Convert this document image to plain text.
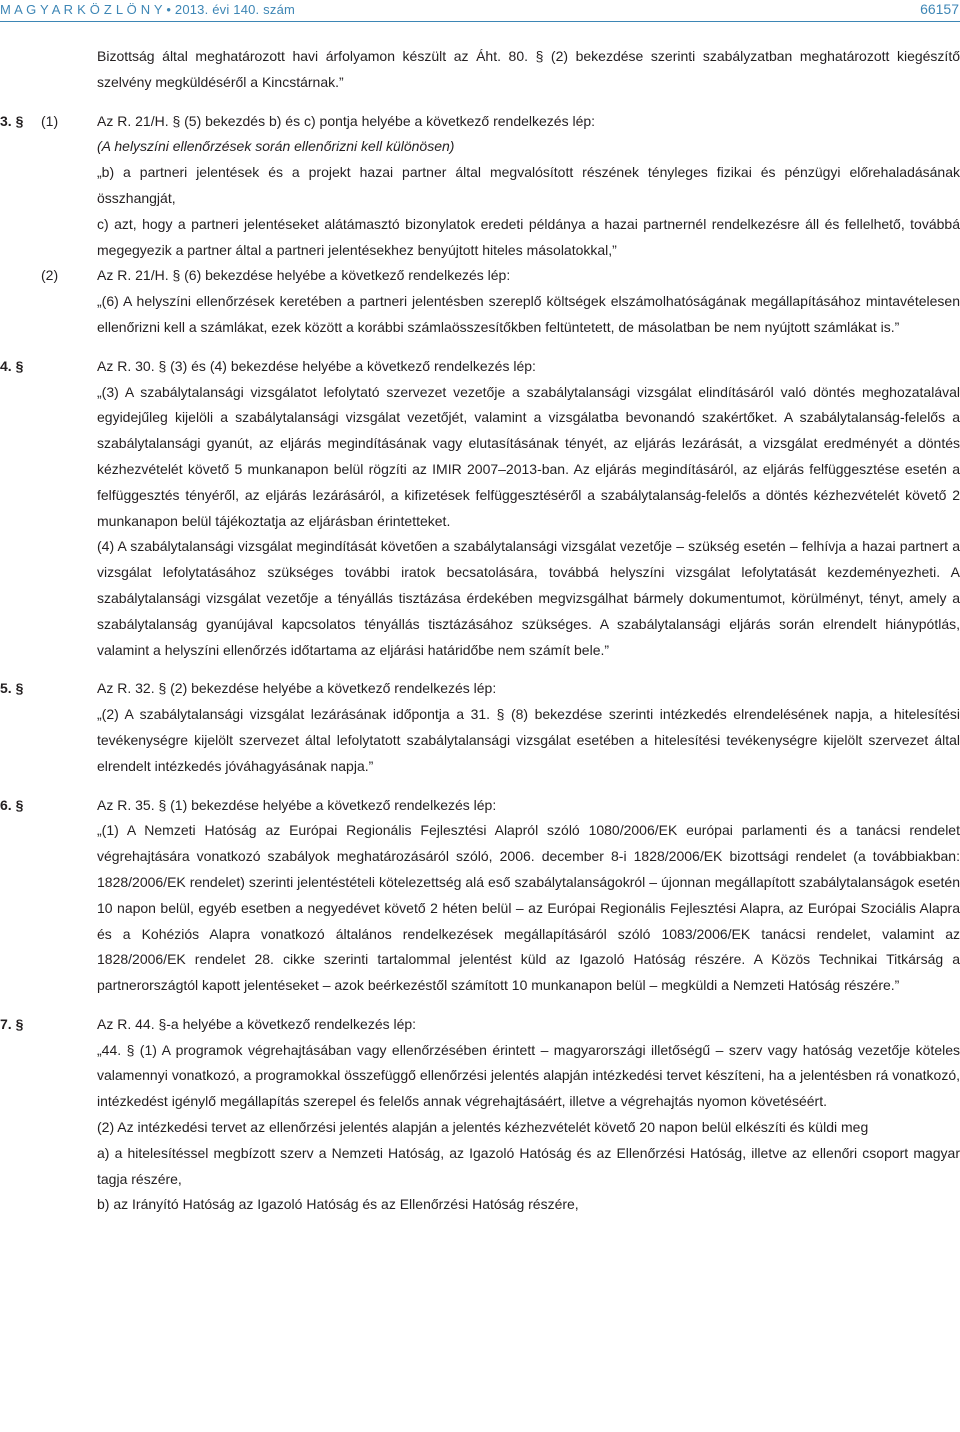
M A G Y A R K Ö Z L Ö N Y • 2013. évi 140. szám	66157

Bizottság által meghatározott havi árfolyamon készült az Áht. 80. § (2) bekezdése szerinti szabályzatban meghatározott kiegészítő szelvény megküldéséről a Kincstárnak.”

3. § (1)	Az R. 21/H. § (5) bekezdés b) és c) pontja helyébe a következő rendelkezés lép:

(A helyszíni ellenőrzések során ellenőrizni kell különösen)

„b) a partneri jelentések és a projekt hazai partner által megvalósított részének tényleges fizikai és pénzügyi előrehaladásának összhangját,

c) azt, hogy a partneri jelentéseket alátámasztó bizonylatok eredeti példánya a hazai partnernél rendelkezésre áll és fellelhető, továbbá megegyezik a partner által a partneri jelentésekhez benyújtott hiteles másolatokkal,”

(2)	Az R. 21/H. § (6) bekezdése helyébe a következő rendelkezés lép:

„(6) A helyszíni ellenőrzések keretében a partneri jelentésben szereplő költségek elszámolhatóságának megállapításához mintavételesen ellenőrizni kell a számlákat, ezek között a korábbi számlaösszesítőkben feltüntetett, de másolatban be nem nyújtott számlákat is.”

4. §	Az R. 30. § (3) és (4) bekezdése helyébe a következő rendelkezés lép:

„(3) A szabálytalansági vizsgálatot lefolytató szervezet vezetője a szabálytalansági vizsgálat elindításáról való döntés meghozatalával egyidejűleg kijelöli a szabálytalansági vizsgálat vezetőjét, valamint a vizsgálatba bevonandó szakértőket. A szabálytalanság-felelős a szabálytalansági gyanút, az eljárás megindításának vagy elutasításának tényét, az eljárás lezárását, a vizsgálat eredményét a döntés kézhezvételét követő 5 munkanapon belül rögzíti az IMIR 2007–2013-ban. Az eljárás megindításáról, az eljárás felfüggesztése esetén a felfüggesztés tényéről, az eljárás lezárásáról, a kifizetések felfüggesztéséről a szabálytalanság-felelős a döntés kézhezvételét követő 2 munkanapon belül tájékoztatja az eljárásban érintetteket.

(4) A szabálytalansági vizsgálat megindítását követően a szabálytalansági vizsgálat vezetője – szükség esetén – felhívja a hazai partnert a vizsgálat lefolytatásához szükséges további iratok becsatolására, továbbá helyszíni vizsgálat lefolytatását kezdeményezheti. A szabálytalansági vizsgálat vezetője a tényállás tisztázása érdekében megvizsgálhat bármely dokumentumot, körülményt, tényt, amely a szabálytalanság gyanújával kapcsolatos tényállás tisztázásához szükséges. A szabálytalansági eljárás során elrendelt hiánypótlás, valamint a helyszíni ellenőrzés időtartama az eljárási határidőbe nem számít bele.”

5. §	Az R. 32. § (2) bekezdése helyébe a következő rendelkezés lép:

„(2) A szabálytalansági vizsgálat lezárásának időpontja a 31. § (8) bekezdése szerinti intézkedés elrendelésének napja, a hitelesítési tevékenységre kijelölt szervezet által lefolytatott szabálytalansági vizsgálat esetében a hitelesítési tevékenységre kijelölt szervezet által elrendelt intézkedés jóváhagyásának napja.”

6. §	Az R. 35. § (1) bekezdése helyébe a következő rendelkezés lép:

„(1) A Nemzeti Hatóság az Európai Regionális Fejlesztési Alapról szóló 1080/2006/EK európai parlamenti és a tanácsi rendelet végrehajtására vonatkozó szabályok meghatározásáról szóló, 2006. december 8-i 1828/2006/EK bizottsági rendelet (a továbbiakban: 1828/2006/EK rendelet) szerinti jelentéstételi kötelezettség alá eső szabálytalanságokról – újonnan megállapított szabálytalanságok esetén 10 napon belül, egyéb esetben a negyedévet követő 2 héten belül – az Európai Regionális Fejlesztési Alapra, az Európai Szociális Alapra és a Kohéziós Alapra vonatkozó általános rendelkezések megállapításáról szóló 1083/2006/EK tanácsi rendelet, valamint az 1828/2006/EK rendelet 28. cikke szerinti tartalommal jelentést küld az Igazoló Hatóság részére. A Közös Technikai Titkárság a partnerországtól kapott jelentéseket – azok beérkezéstől számított 10 munkanapon belül – megküldi a Nemzeti Hatóság részére.”

7. §	Az R. 44. §-a helyébe a következő rendelkezés lép:

„44. § (1) A programok végrehajtásában vagy ellenőrzésében érintett – magyarországi illetőségű – szerv vagy hatóság vezetője köteles valamennyi vonatkozó, a programokkal összefüggő ellenőrzési jelentés alapján intézkedési tervet készíteni, ha a jelentésben rá vonatkozó, intézkedést igénylő megállapítás szerepel és felelős annak végrehajtásáért, illetve a végrehajtás nyomon követéséért.

(2) Az intézkedési tervet az ellenőrzési jelentés alapján a jelentés kézhezvételét követő 20 napon belül elkészíti és küldi meg

a) a hitelesítéssel megbízott szerv a Nemzeti Hatóság, az Igazoló Hatóság és az Ellenőrzési Hatóság, illetve az ellenőri csoport magyar tagja részére,

b) az Irányító Hatóság az Igazoló Hatóság és az Ellenőrzési Hatóság részére,
